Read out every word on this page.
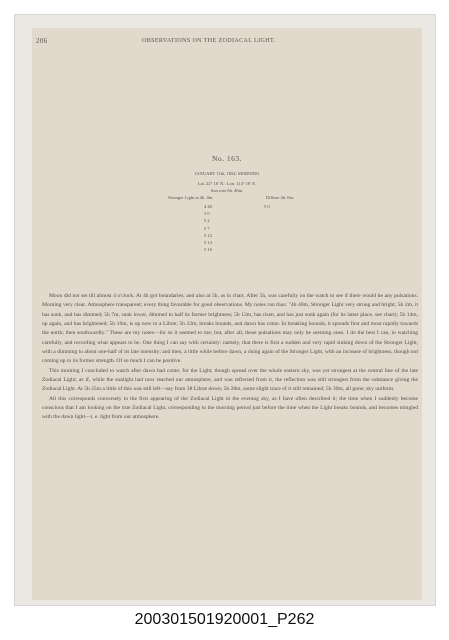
206	OBSERVATIONS ON THE ZODIACAL LIGHT.
No. 163.
JANUARY 11th, 1854: MORNING
Lat. 22° 16' N.: Lon. 114° 16' E.
Sun rose 6h. 46m.
Stronger Light at 4h. 0m.	Diffuse 4h. 0m.
4 40	5 0
5 0
5 2
5 7
5 12
5 14
5 16

Moon did not set till almost 4 o'clock. At 4h got boundaries; and also at 5h, as in chart. After 5h, was carefully on the watch to see if there would be any pulsations. Morning very clear. Atmosphere transparent; every thing favorable for good observations. My notes run thus: "4h 40m, Stronger Light very strong and bright; 5h 2m, it has sunk, and has dimmed; 5h 7m, sunk lower, dimmed to half its former brightness; 5h 12m, has risen, and has just sunk again (for its latter place, see chart); 5h 14m, up again, and has brightened; 5h 16m, is up now to a Libræ; 5h 22m, breaks bounds, and dawn has come. In breaking bounds, it spreads first and most rapidly towards the north; then southwardly." These are my notes—for so it seemed to me; but, after all, these pulsations may only be seeming ones. I do the best I can, in watching carefully, and recording what appears to be. One thing I can say with certainty: namely, that there is first a sudden and very rapid sinking down of the Stronger Light, with a dimming to about one-half of its late intensity; and then, a little while before dawn, a rising again of the Stronger Light, with an increase of brightness, though not coming up to its former strength. Of so much I can be positive.

This morning I concluded to watch after dawn had come; for the Light, though spread over the whole eastern sky, was yet strongest at the central line of the late Zodiacal Light; as if, while the sunlight had now reached our atmosphere, and was reflected from it, the reflection was still strongest from the substance giving the Zodiacal Light. At 5h 25m a little of this was still left—say from 38 Libræ down; 5h 28m, some slight trace of it still remained; 5h 30m, all gone; sky uniform.

All this corresponds conversely to the first appearing of the Zodiacal Light in the evening sky, as I have often described it; the time when I suddenly become conscious that I am looking on the true Zodiacal Light, corresponding to the morning period just before the time when the Light breaks bounds, and becomes mingled with the dawn light—i. e. light from our atmosphere.

200301501920001_P262
